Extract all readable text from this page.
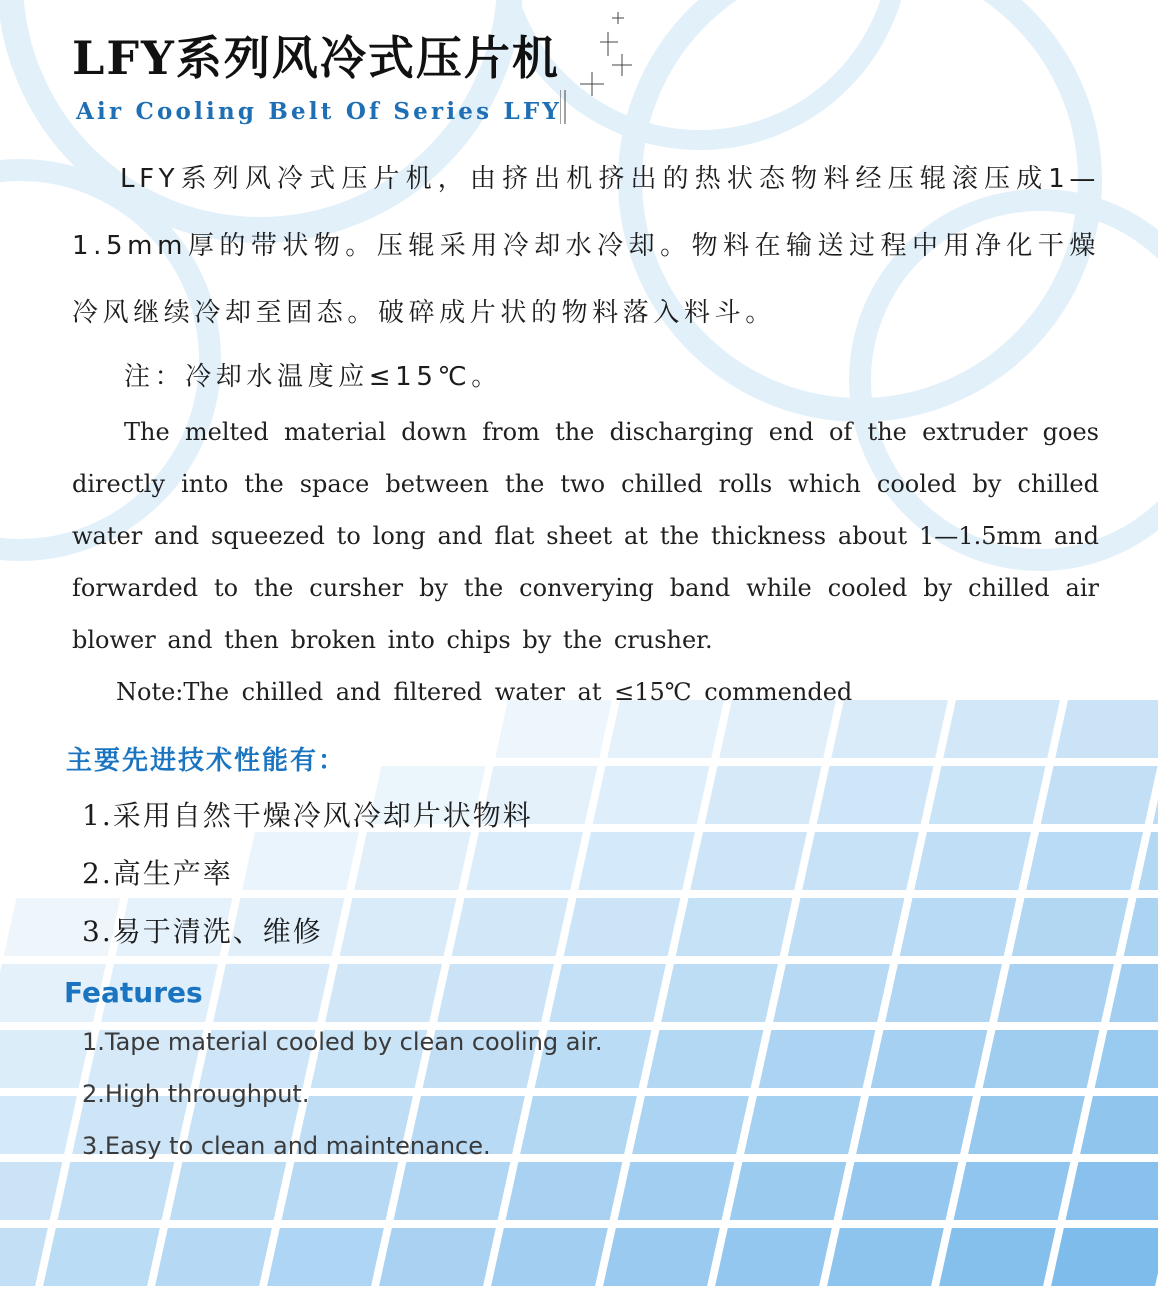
LFY系列风冷式压片机
Air Cooling Belt Of Series LFY

LFY系列风冷式压片机，由挤出机挤出的热状态物料经压辊滚压成1—1.5mm厚的带状物。压辊采用冷却水冷却。物料在输送过程中用净化干燥冷风继续冷却至固态。破碎成片状的物料落入料斗。

注：冷却水温度应≤15℃。

The melted material down from the discharging end of the extruder goes directly into the space between the two chilled rolls which cooled by chilled water and squeezed to long and flat sheet at the thickness about 1—1.5mm and forwarded to the cursher by the converying band while cooled by chilled air blower and then broken into chips by the crusher.

Note:The chilled and filtered water at ≤15℃ commended

主要先进技术性能有：
1.采用自然干燥冷风冷却片状物料
2.高生产率
3.易于清洗、维修
Features
1.Tape material cooled by clean cooling air.
2.High throughput.
3.Easy to clean and maintenance.
